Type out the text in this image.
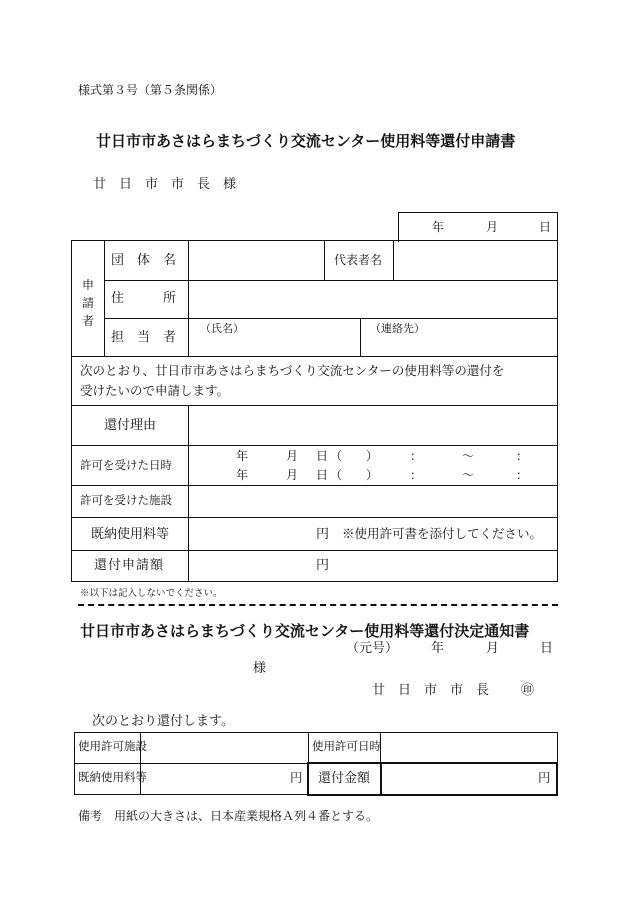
様式第３号（第５条関係）
廿日市市あさはらまちづくり交流センター使用料等還付申請書
廿　日　市　市　長　様
年	月	日
申
請
者
団　体　名	代表者名
住　　　所
担　当　者
（氏名）	（連絡先）
次のとおり、廿日市市あさはらまちづくり交流センターの使用料等の還付を
受けたいので申請します。
還付理由
許可を受けた日時
年	月 日 （ ）	：	～	：
年	月 日 （ ）	：	～	：
許可を受けた施設
既納使用料等	円 ※使用許可書を添付してください。
還付申請額	円
※以下は記入しないでください。
廿日市市あさはらまちづくり交流センター使用料等還付決定通知書
（元号）	年	月	日
様
廿　日　市　市　長 ㊞
次のとおり還付します。
使用許可施設	使用許可日時
既納使用料等	円 還付金額	円
備考　用紙の大きさは、日本産業規格Ａ列４番とする。
